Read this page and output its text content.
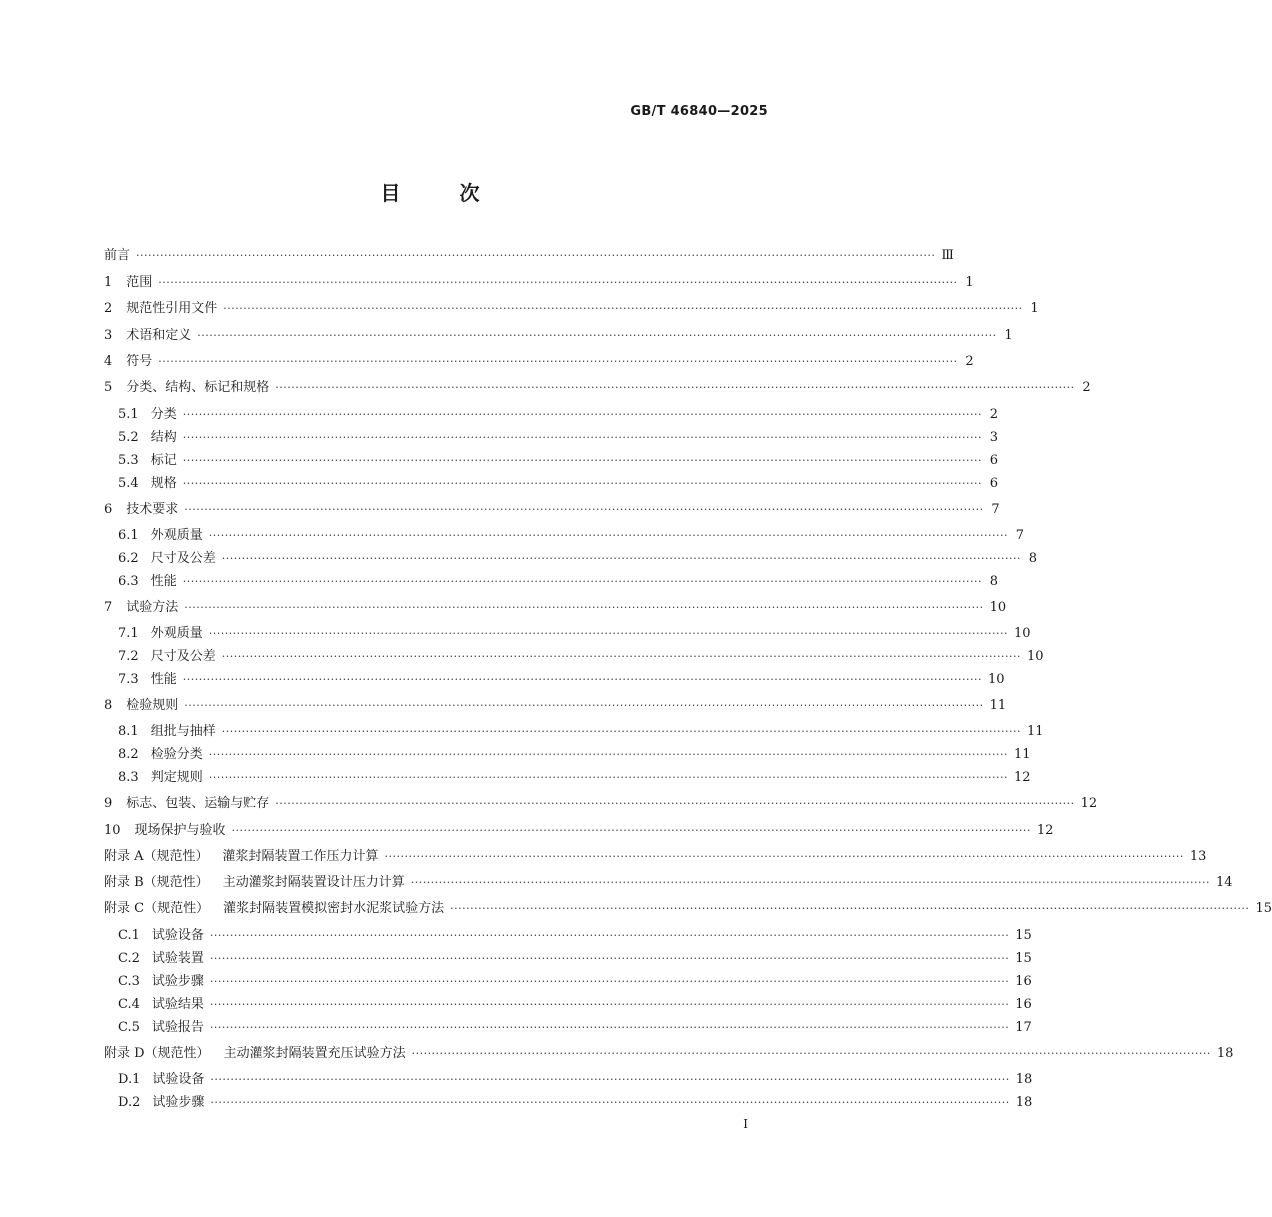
GB/T 46840—2025
目	次
前言 ········································································································································································································ Ⅲ
1 范围 ········································································································································································································ 1
2 规范性引用文件 ········································································································································································································ 1
3 术语和定义 ········································································································································································································ 1
4 符号 ········································································································································································································ 2
5 分类、结构、标记和规格 ········································································································································································································ 2
5.1 分类 ········································································································································································································ 2
5.2 结构 ········································································································································································································ 3
5.3 标记 ········································································································································································································ 6
5.4 规格 ········································································································································································································ 6
6 技术要求 ········································································································································································································ 7
6.1 外观质量 ········································································································································································································ 7
6.2 尺寸及公差 ········································································································································································································ 8
6.3 性能 ········································································································································································································ 8
7 试验方法 ········································································································································································································ 10
7.1 外观质量 ········································································································································································································ 10
7.2 尺寸及公差 ········································································································································································································ 10
7.3 性能 ········································································································································································································ 10
8 检验规则 ········································································································································································································ 11
8.1 组批与抽样 ········································································································································································································ 11
8.2 检验分类 ········································································································································································································ 11
8.3 判定规则 ········································································································································································································ 12
9 标志、包装、运输与贮存 ········································································································································································································ 12
10 现场保护与验收 ········································································································································································································ 12
附录 A（规范性） 灌浆封隔装置工作压力计算 ········································································································································································································ 13
附录 B（规范性） 主动灌浆封隔装置设计压力计算 ········································································································································································································ 14
附录 C（规范性） 灌浆封隔装置模拟密封水泥浆试验方法 ········································································································································································································ 15
C.1 试验设备 ········································································································································································································ 15
C.2 试验装置 ········································································································································································································ 15
C.3 试验步骤 ········································································································································································································ 16
C.4 试验结果 ········································································································································································································ 16
C.5 试验报告 ········································································································································································································ 17
附录 D（规范性） 主动灌浆封隔装置充压试验方法 ········································································································································································································ 18
D.1 试验设备 ········································································································································································································ 18
D.2 试验步骤 ········································································································································································································ 18
Ⅰ
